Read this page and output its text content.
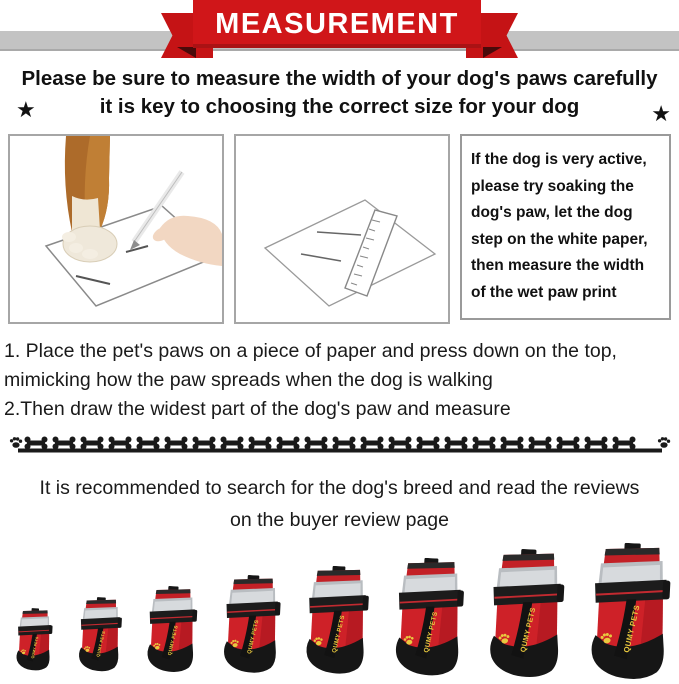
MEASUREMENT
★
Please be sure to measure the width of your dog's paws carefully
it is key to choosing the correct size for your dog	★
If the dog is very active,
please try soaking the
dog's paw, let the dog
step on the white paper,
then measure the width
of the wet paw print
1. Place the pet's paws on a piece of paper and press down on the top,
mimicking how the paw spreads when the dog is walking
2.Then draw the widest part of the dog's paw and measure
It is recommended to search for the dog's breed and read the reviews
on the buyer review page
